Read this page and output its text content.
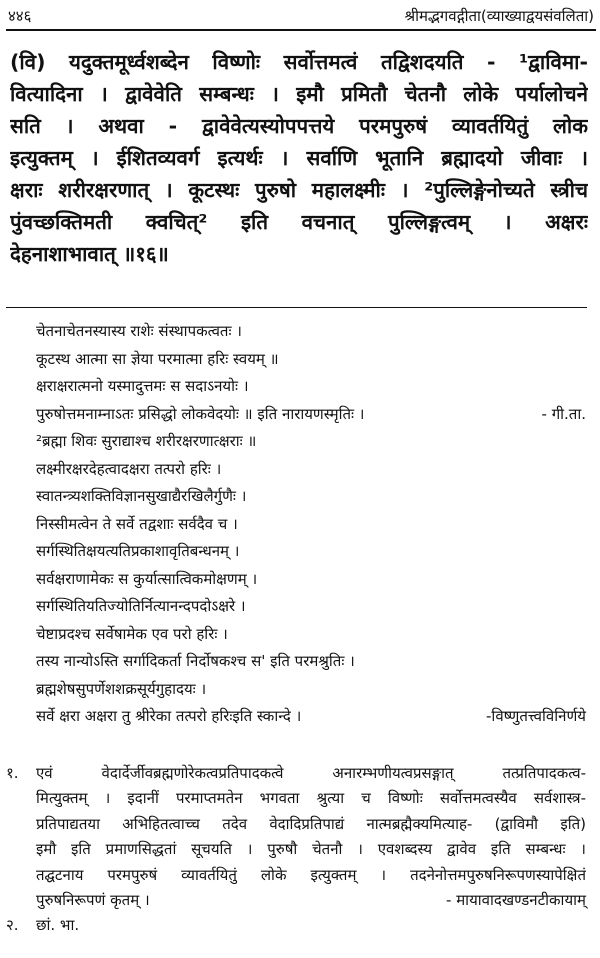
४४६	श्रीमद्भगवद्गीता(व्याख्याद्वयसंवलिता)
(वि) यदुक्तमूर्ध्वशब्देन विष्णोः सर्वोत्तमत्वं तद्विशदयति - ¹द्वाविमा-
वित्यादिना । द्वावेवेति सम्बन्धः । इमौ प्रमितौ चेतनौ लोके पर्यालोचने
सति । अथवा - द्वावेवेत्यस्योपपत्तये परमपुरुषं व्यावर्तयितुं लोक
इत्युक्तम् । ईशितव्यवर्ग इत्यर्थः । सर्वाणि भूतानि ब्रह्मादयो जीवाः ।
क्षराः शरीरक्षरणात् । कूटस्थः पुरुषो महालक्ष्मीः । ²पुल्लिङ्गेनोच्यते स्त्रीच
पुंवच्छक्तिमती क्वचित्² इति वचनात् पुल्लिङ्गत्वम् । अक्षरः
देहनाशाभावात् ॥१६॥
चेतनाचेतनस्यास्य राशेः संस्थापकत्वतः ।
कूटस्थ आत्मा सा ज्ञेया परमात्मा हरिः स्वयम् ॥
क्षराक्षरात्मनो यस्मादुत्तमः स सदाऽनयोः ।
पुरुषोत्तमनाम्नाऽतः प्रसिद्धो लोकवेदयोः ॥ इति नारायणस्मृतिः ।	- गी.ता.
²ब्रह्मा शिवः सुराद्याश्च शरीरक्षरणात्क्षराः ॥
लक्ष्मीरक्षरदेहत्वादक्षरा तत्परो हरिः ।
स्वातन्त्र्यशक्तिविज्ञानसुखाद्यैरखिलैर्गुणैः ।
निस्सीमत्वेन ते सर्वे तद्वशाः सर्वदैव च ।
सर्गस्थितिक्षयत्यतिप्रकाशावृतिबन्धनम् ।
सर्वक्षराणामेकः स कुर्यात्सात्विकमोक्षणम् ।
सर्गस्थितियतिज्योतिर्नित्यानन्दपदोऽक्षरे ।
चेष्टाप्रदश्च सर्वेषामेक एव परो हरिः ।
तस्य नान्योऽस्ति सर्गादिकर्ता निर्दोषकश्च स' इति परमश्रुतिः ।
ब्रह्मशेषसुपर्णेशशक्रसूर्यगुहादयः ।
सर्वे क्षरा अक्षरा तु श्रीरेका तत्परो हरिःइति स्कान्दे ।	-विष्णुतत्त्वविनिर्णये
१.	एवं वेदार्देर्जीवब्रह्मणोरेकत्वप्रतिपादकत्वे अनारम्भणीयत्वप्रसङ्गात् तत्प्रतिपादकत्व-
मित्युक्तम् । इदानीं परमाप्तमतेन भगवता श्रुत्या च विष्णोः सर्वोत्तमत्वस्यैव सर्वशास्त्र-
प्रतिपाद्यतया अभिहितत्वाच्च तदेव वेदादिप्रतिपाद्यं नात्मब्रह्मैक्यमित्याह- (द्वाविमौ इति)
इमौ इति प्रमाणसिद्धतां सूचयति । पुरुषौ चेतनौ । एवशब्दस्य द्वावेव इति सम्बन्धः ।
तद्घटनाय परमपुरुषं व्यावर्तयितुं लोके इत्युक्तम् । तदनेनोत्तमपुरुषनिरूपणस्यापेक्षितं
पुरुषनिरूपणं कृतम् ।	- मायावादखण्डनटीकायाम्
२.	छां. भा.
